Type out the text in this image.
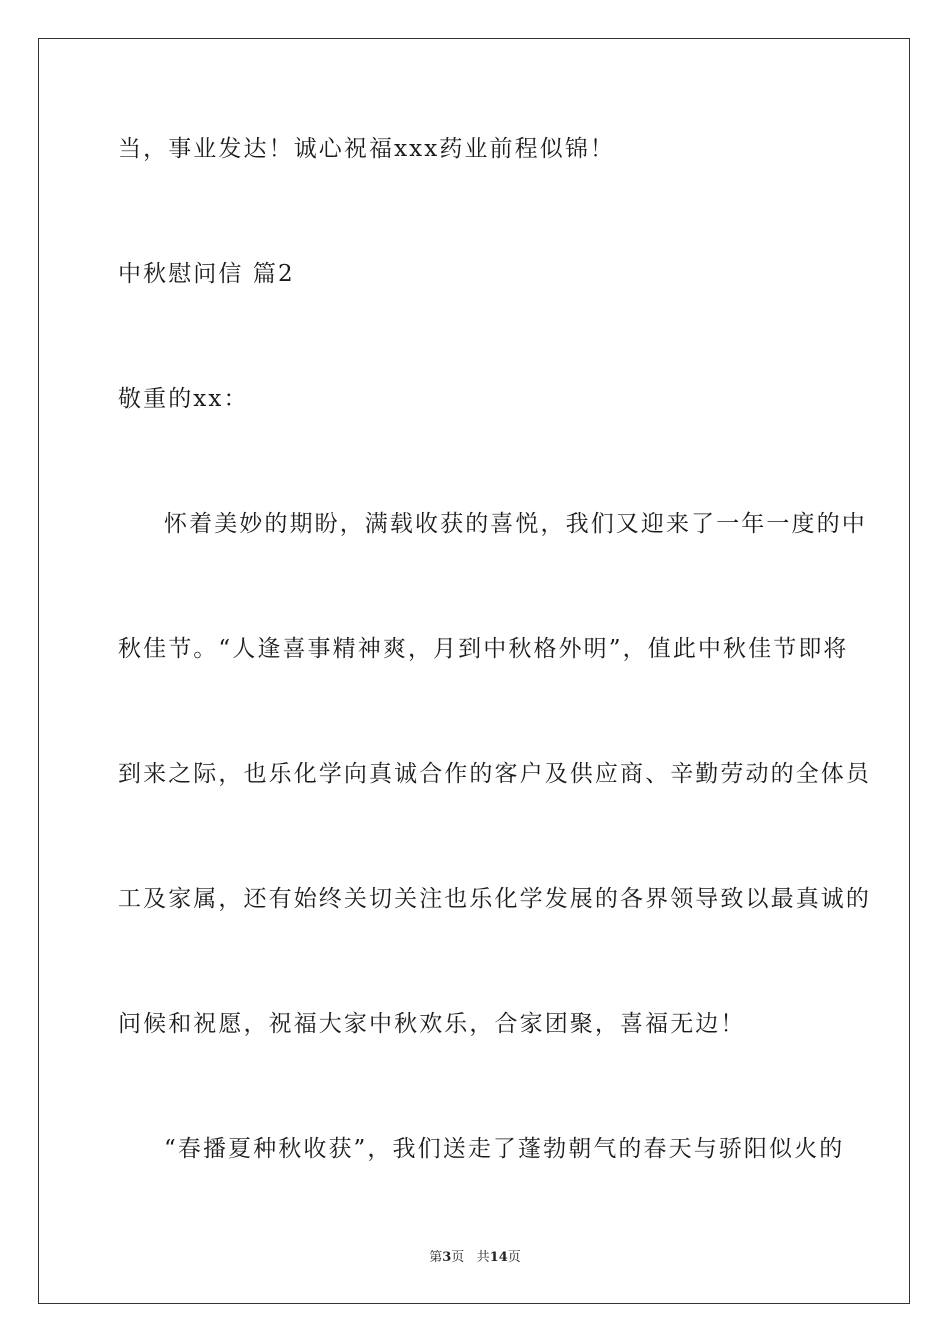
当，事业发达！诚心祝福xxx药业前程似锦！
中秋慰问信 篇2
敬重的xx：
怀着美妙的期盼，满载收获的喜悦，我们又迎来了一年一度的中
秋佳节。“人逢喜事精神爽，月到中秋格外明”，值此中秋佳节即将
到来之际，也乐化学向真诚合作的客户及供应商、辛勤劳动的全体员
工及家属，还有始终关切关注也乐化学发展的各界领导致以最真诚的
问候和祝愿，祝福大家中秋欢乐，合家团聚，喜福无边！
“春播夏种秋收获”，我们送走了蓬勃朝气的春天与骄阳似火的
第3页 共14页
